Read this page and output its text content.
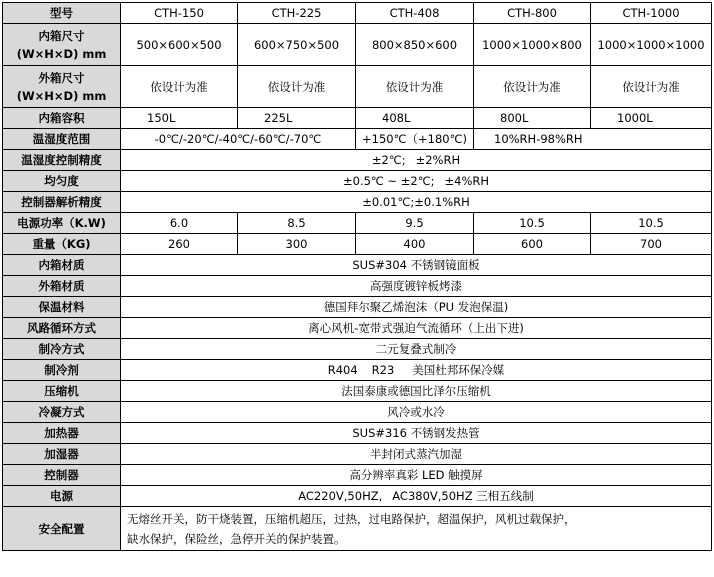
型号	CTH-150	CTH-225	CTH-408	CTH-800	CTH-1000
内箱尺寸
(W×H×D) mm	500×600×500	600×750×500	800×850×600	1000×1000×800	1000×1000×1000
外箱尺寸
(W×H×D) mm	依设计为准	依设计为准	依设计为准	依设计为准	依设计为准
内箱容积	150L	225L	408L	800L	1000L
温湿度范围	-0℃/-20℃/-40℃/-60℃/-70℃		+150℃（+180℃)	10%RH-98%RH	
温湿度控制精度	±2℃; ±2%RH				
均匀度	±0.5℃ ~ ±2℃; ±4%RH				
控制器解析精度	±0.01℃;±0.1%RH				
电源功率（K.W)	6.0	8.5	9.5	10.5	10.5
重量（KG)	260	300	400	600	700
内箱材质	SUS#304 不锈钢镜面板				
外箱材质	高强度镀锌板烤漆				
保温材料	德国拜尔聚乙烯泡沫（PU 发泡保温)				
风路循环方式	离心风机-宽带式强迫气流循环（上出下进)				
制冷方式	二元复叠式制冷				
制冷剂	R404 R23 美国杜邦环保冷媒				
压缩机	法国泰康或德国比泽尔压缩机				
冷凝方式	风冷或水冷				
加热器	SUS#316 不锈钢发热管				
加湿器	半封闭式蒸汽加湿				
控制器	高分辨率真彩 LED 触摸屏				
电源	AC220V,50HZ, AC380V,50HZ 三相五线制				
安全配置	无熔丝开关，防干烧装置，压缩机超压，过热，过电路保护，超温保护，风机过载保护，
缺水保护，保险丝，急停开关的保护装置。				
